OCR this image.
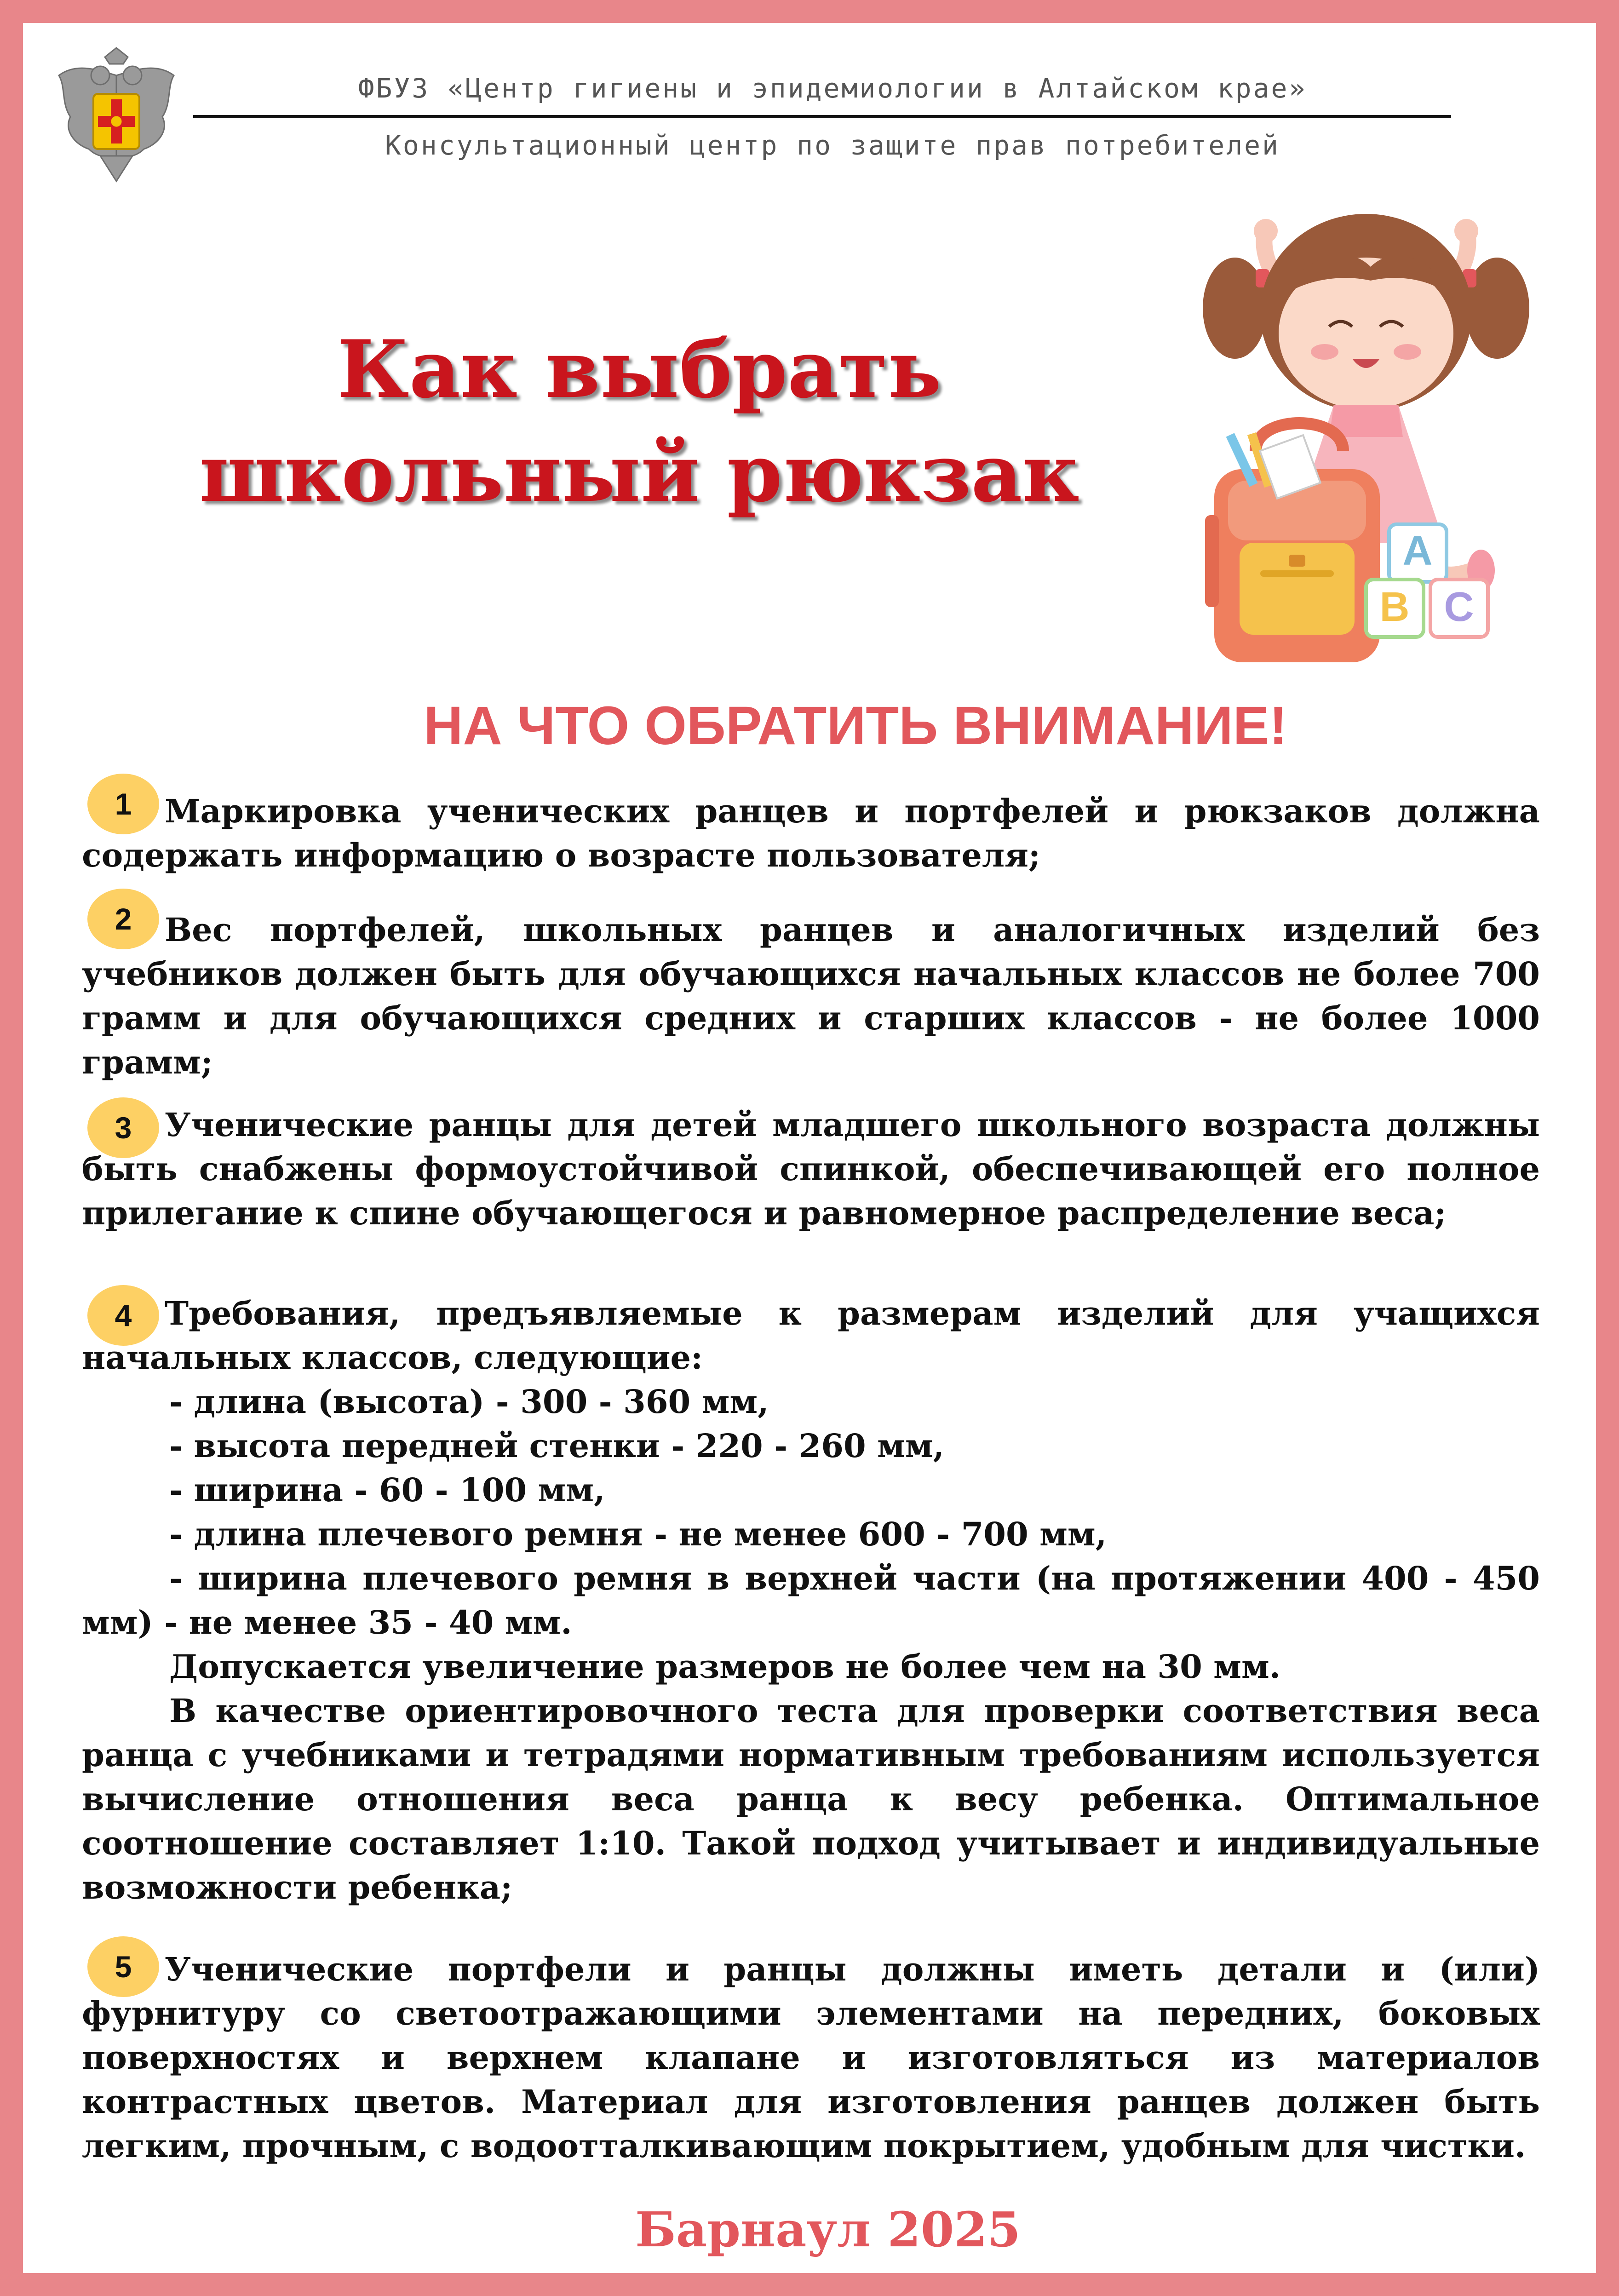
ФБУЗ «Центр гигиены и эпидемиологии в Алтайском крае»
Консультационный центр по защите прав потребителей
Как выбрать
школьный рюкзак
A
B C
НА ЧТО ОБРАТИТЬ ВНИМАНИЕ!
1	Маркировка ученических ранцев и портфелей и рюкзаков должна содержать информацию о возрасте пользователя;
2	Вес портфелей, школьных ранцев и аналогичных изделий без учебников должен быть для обучающихся начальных классов не более 700 грамм и для обучающихся средних и старших классов - не более 1000 грамм;
3	Ученические ранцы для детей младшего школьного возраста должны быть снабжены формоустойчивой спинкой, обеспечивающей его полное прилегание к спине обучающегося и равномерное распределение веса;
4	Требования, предъявляемые к размерам изделий для учащихся начальных классов, следующие:
- длина (высота) - 300 - 360 мм,
- высота передней стенки - 220 - 260 мм,
- ширина - 60 - 100 мм,
- длина плечевого ремня - не менее 600 - 700 мм,
- ширина плечевого ремня в верхней части (на протяжении 400 - 450 мм) - не менее 35 - 40 мм.
Допускается увеличение размеров не более чем на 30 мм.
В качестве ориентировочного теста для проверки соответствия веса ранца с учебниками и тетрадями нормативным требованиям используется вычисление отношения веса ранца к весу ребенка. Оптимальное соотношение составляет 1:10. Такой подход учитывает и индивидуальные возможности ребенка;
5	Ученические портфели и ранцы должны иметь детали и (или) фурнитуру со светоотражающими элементами на передних, боковых поверхностях и верхнем клапане и изготовляться из материалов контрастных цветов. Материал для изготовления ранцев должен быть легким, прочным, с водоотталкивающим покрытием, удобным для чистки.
Барнаул 2025
